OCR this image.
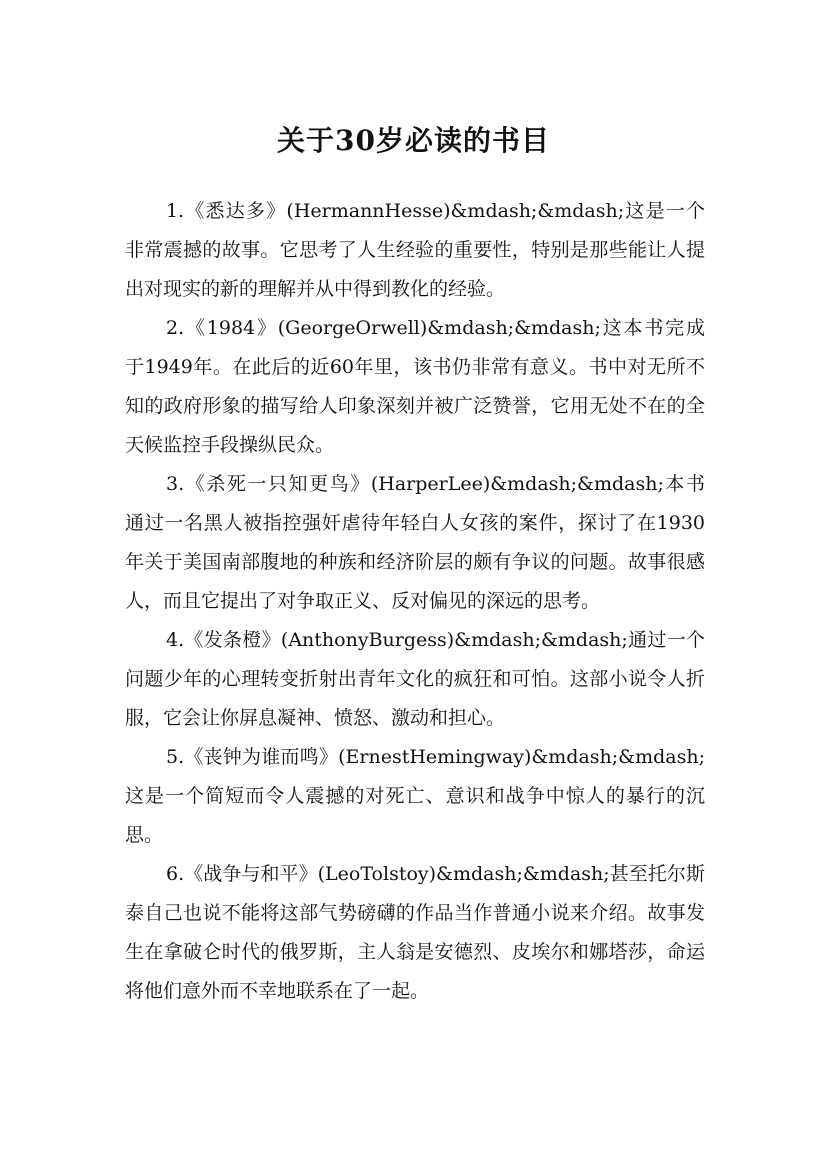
关于30岁必读的书目

1.《悉达多》(HermannHesse)&mdash;&mdash;这是一个非常震撼的故事。它思考了人生经验的重要性，特别是那些能让人提出对现实的新的理解并从中得到教化的经验。

2.《1984》(GeorgeOrwell)&mdash;&mdash;这本书完成于1949年。在此后的近60年里，该书仍非常有意义。书中对无所不知的政府形象的描写给人印象深刻并被广泛赞誉，它用无处不在的全天候监控手段操纵民众。

3.《杀死一只知更鸟》(HarperLee)&mdash;&mdash;本书通过一名黑人被指控强奸虐待年轻白人女孩的案件，探讨了在1930年关于美国南部腹地的种族和经济阶层的颇有争议的问题。故事很感人，而且它提出了对争取正义、反对偏见的深远的思考。

4.《发条橙》(AnthonyBurgess)&mdash;&mdash;通过一个问题少年的心理转变折射出青年文化的疯狂和可怕。这部小说令人折服，它会让你屏息凝神、愤怒、激动和担心。

5.《丧钟为谁而鸣》(ErnestHemingway)&mdash;&mdash;这是一个简短而令人震撼的对死亡、意识和战争中惊人的暴行的沉思。

6.《战争与和平》(LeoTolstoy)&mdash;&mdash;甚至托尔斯泰自己也说不能将这部气势磅礴的作品当作普通小说来介绍。故事发生在拿破仑时代的俄罗斯，主人翁是安德烈、皮埃尔和娜塔莎，命运将他们意外而不幸地联系在了一起。
